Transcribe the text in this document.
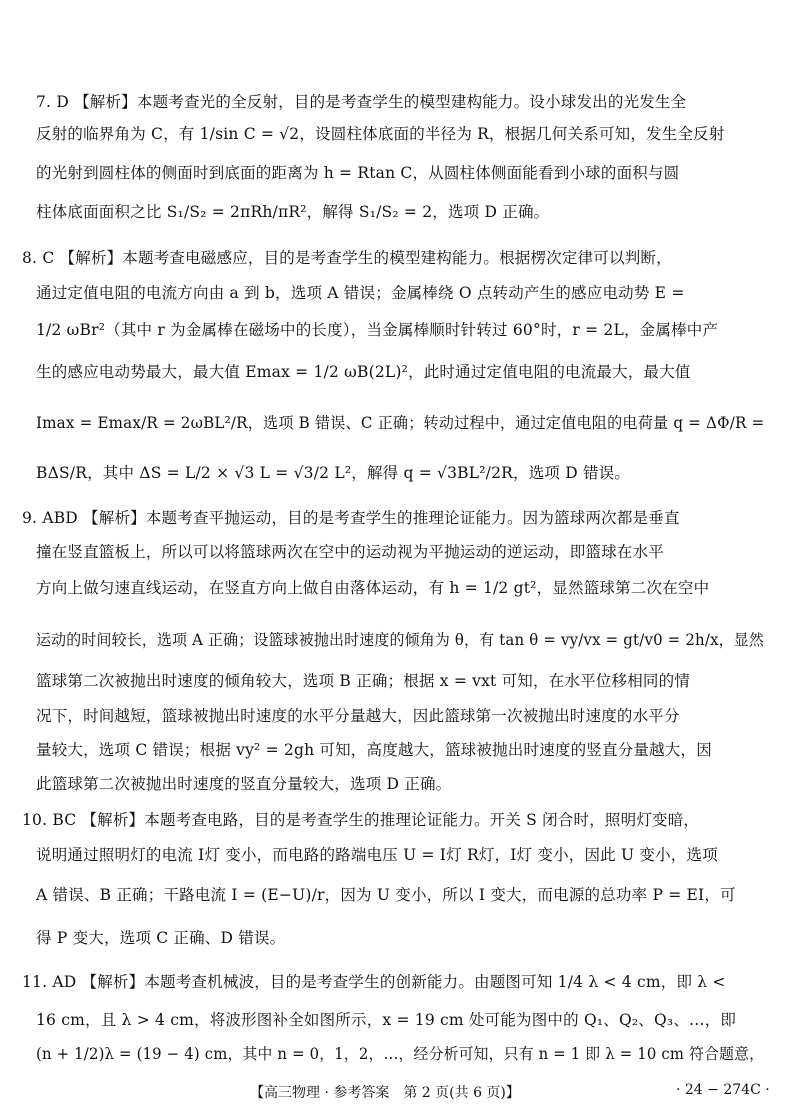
7. D 【解析】本题考查光的全反射，目的是考查学生的模型建构能力。设小球发出的光发生全
反射的临界角为 C，有 1/sin C = √2，设圆柱体底面的半径为 R，根据几何关系可知，发生全反射
的光射到圆柱体的侧面时到底面的距离为 h = Rtan C，从圆柱体侧面能看到小球的面积与圆
柱体底面面积之比 S₁/S₂ = 2πRh/πR²，解得 S₁/S₂ = 2，选项 D 正确。
8. C 【解析】本题考查电磁感应，目的是考查学生的模型建构能力。根据楞次定律可以判断，
通过定值电阻的电流方向由 a 到 b，选项 A 错误；金属棒绕 O 点转动产生的感应电动势 E =
1/2 ωBr²（其中 r 为金属棒在磁场中的长度），当金属棒顺时针转过 60°时，r = 2L，金属棒中产
生的感应电动势最大，最大值 Emax = 1/2 ωB(2L)²，此时通过定值电阻的电流最大，最大值
Imax = Emax/R = 2ωBL²/R，选项 B 错误、C 正确；转动过程中，通过定值电阻的电荷量 q = ΔΦ/R =
BΔS/R，其中 ΔS = L/2 × √3 L = √3/2 L²，解得 q = √3BL²/2R，选项 D 错误。
9. ABD 【解析】本题考查平抛运动，目的是考查学生的推理论证能力。因为篮球两次都是垂直
撞在竖直篮板上，所以可以将篮球两次在空中的运动视为平抛运动的逆运动，即篮球在水平
方向上做匀速直线运动，在竖直方向上做自由落体运动，有 h = 1/2 gt²，显然篮球第二次在空中
运动的时间较长，选项 A 正确；设篮球被抛出时速度的倾角为 θ，有 tan θ = vy/vx = gt/v0 = 2h/x，显然
篮球第二次被抛出时速度的倾角较大，选项 B 正确；根据 x = vxt 可知，在水平位移相同的情
况下，时间越短，篮球被抛出时速度的水平分量越大，因此篮球第一次被抛出时速度的水平分
量较大，选项 C 错误；根据 vy² = 2gh 可知，高度越大，篮球被抛出时速度的竖直分量越大，因
此篮球第二次被抛出时速度的竖直分量较大，选项 D 正确。
10. BC 【解析】本题考查电路，目的是考查学生的推理论证能力。开关 S 闭合时，照明灯变暗，
说明通过照明灯的电流 I灯 变小，而电路的路端电压 U = I灯 R灯，I灯 变小，因此 U 变小，选项
A 错误、B 正确；干路电流 I = (E−U)/r，因为 U 变小，所以 I 变大，而电源的总功率 P = EI，可
得 P 变大，选项 C 正确、D 错误。
11. AD 【解析】本题考查机械波，目的是考查学生的创新能力。由题图可知 1/4 λ < 4 cm，即 λ <
16 cm，且 λ > 4 cm，将波形图补全如图所示，x = 19 cm 处可能为图中的 Q₁、Q₂、Q₃、…，即
(n + 1/2)λ = (19 − 4) cm，其中 n = 0，1，2，…，经分析可知，只有 n = 1 即 λ = 10 cm 符合题意，
【高三物理 · 参考答案　第 2 页(共 6 页)】	· 24 − 274C ·
